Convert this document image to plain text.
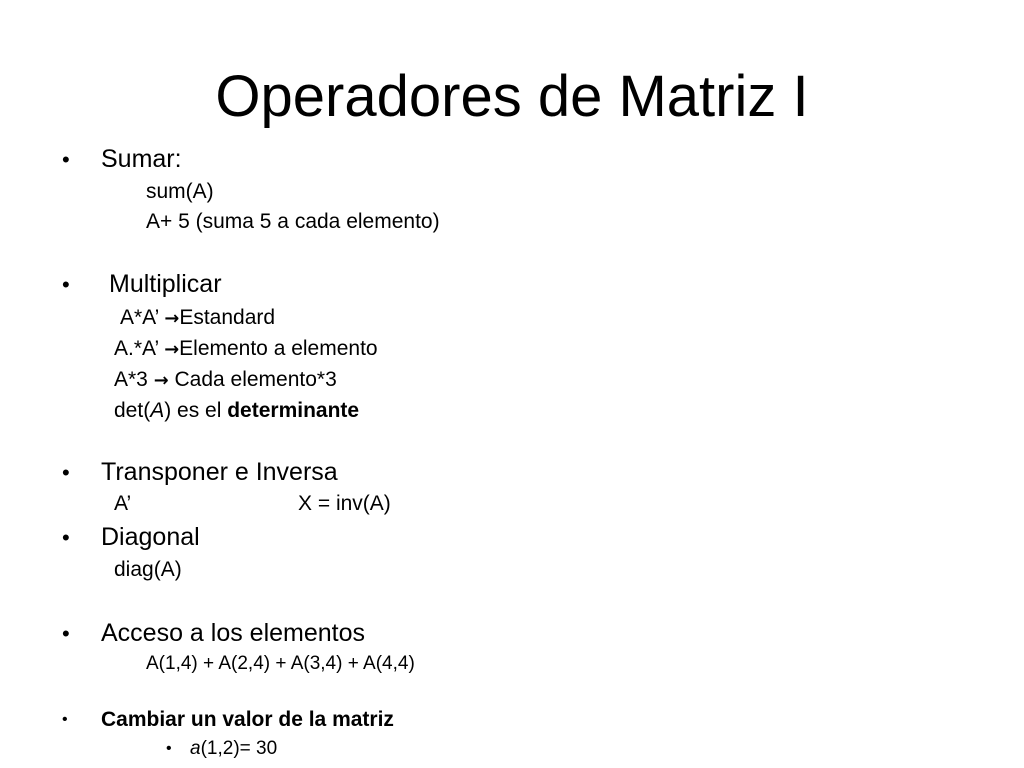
Operadores de Matriz I
• Sumar:
sum(A)
A+ 5 (suma 5 a cada elemento)
• Multiplicar
A*A’ →Estandard
A.*A’ →Elemento a elemento
A*3 → Cada elemento*3
det(A) es el determinante
• Transponer e Inversa
A’	X = inv(A)
• Diagonal
diag(A)
• Acceso a los elementos
A(1,4) + A(2,4) + A(3,4) + A(4,4)
• Cambiar un valor de la matriz
• a(1,2)= 30
